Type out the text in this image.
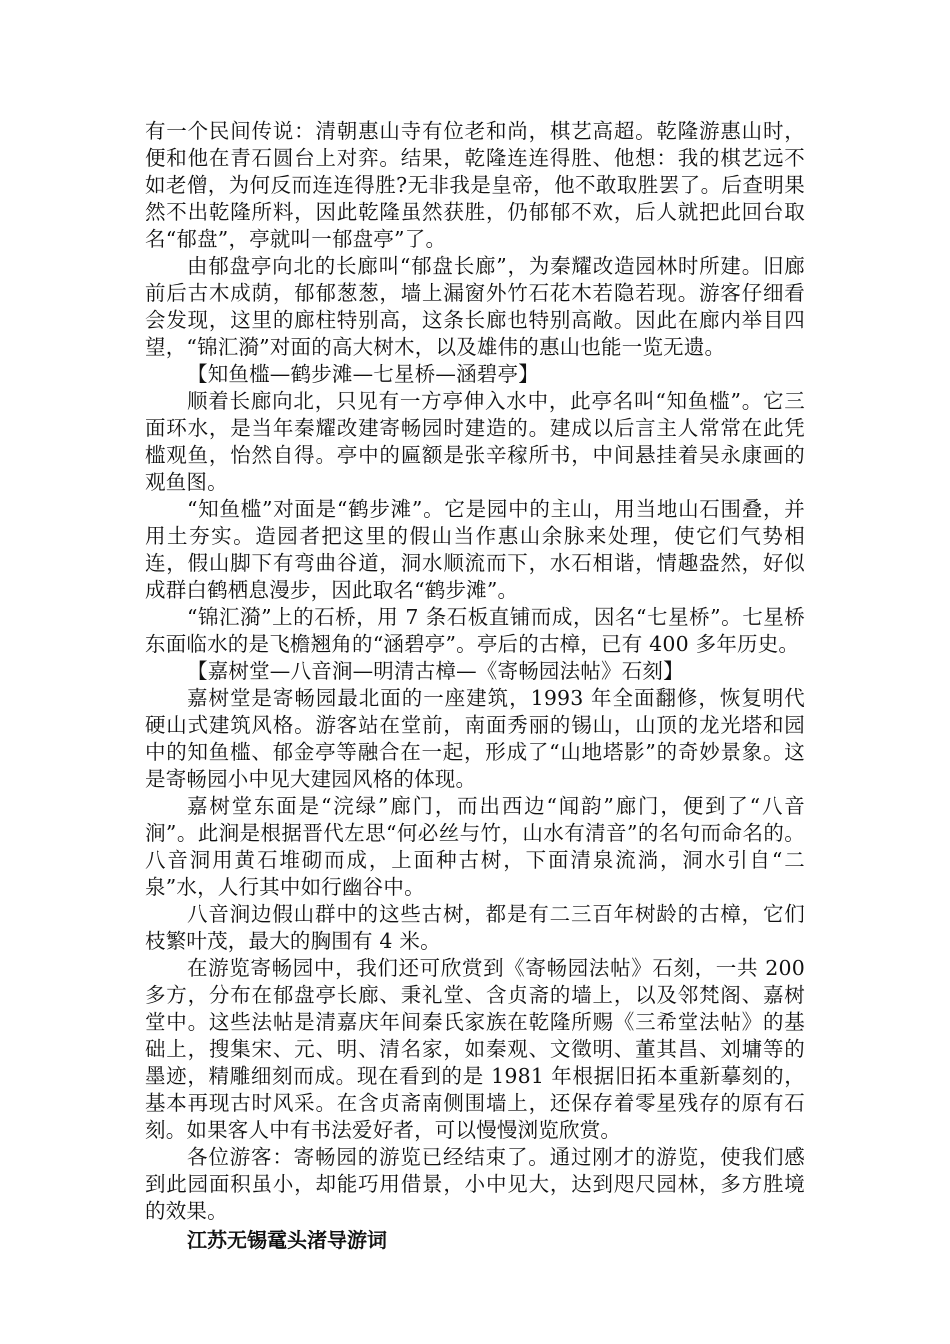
有一个民间传说：清朝惠山寺有位老和尚，棋艺高超。乾隆游惠山时，便和他在青石圆台上对弈。结果，乾隆连连得胜、他想：我的棋艺远不如老僧，为何反而连连得胜?无非我是皇帝，他不敢取胜罢了。后查明果然不出乾隆所料，因此乾隆虽然获胜，仍郁郁不欢，后人就把此回台取名“郁盘”，亭就叫一郁盘亭”了。

由郁盘亭向北的长廊叫“郁盘长廊”，为秦耀改造园林时所建。旧廊前后古木成荫，郁郁葱葱，墙上漏窗外竹石花木若隐若现。游客仔细看会发现，这里的廊柱特别高，这条长廊也特别高敞。因此在廊内举目四望，“锦汇漪”对面的高大树木，以及雄伟的惠山也能一览无遗。

【知鱼槛—鹤步滩—七星桥—涵碧亭】

顺着长廊向北，只见有一方亭伸入水中，此亭名叫“知鱼槛”。它三面环水，是当年秦耀改建寄畅园时建造的。建成以后言主人常常在此凭槛观鱼，怡然自得。亭中的匾额是张辛稼所书，中间悬挂着吴永康画的观鱼图。

“知鱼槛”对面是“鹤步滩”。它是园中的主山，用当地山石围叠，并用土夯实。造园者把这里的假山当作惠山余脉来处理，使它们气势相连，假山脚下有弯曲谷道，洞水顺流而下，水石相谐，情趣盎然，好似成群白鹤栖息漫步，因此取名“鹤步滩”。

“锦汇漪”上的石桥，用 7 条石板直铺而成，因名“七星桥”。七星桥东面临水的是飞檐翘角的“涵碧亭”。亭后的古樟，已有 400 多年历史。

【嘉树堂—八音涧—明清古樟—《寄畅园法帖》石刻】

嘉树堂是寄畅园最北面的一座建筑，1993 年全面翻修，恢复明代硬山式建筑风格。游客站在堂前，南面秀丽的锡山，山顶的龙光塔和园中的知鱼槛、郁金亭等融合在一起，形成了“山地塔影”的奇妙景象。这是寄畅园小中见大建园风格的体现。

嘉树堂东面是“浣绿”廊门，而出西边“闻韵”廊门，便到了“八音涧”。此涧是根据晋代左思“何必丝与竹，山水有清音”的名句而命名的。八音洞用黄石堆砌而成，上面种古树，下面清泉流淌，洞水引自“二泉”水，人行其中如行幽谷中。

八音涧边假山群中的这些古树，都是有二三百年树龄的古樟，它们枝繁叶茂，最大的胸围有 4 米。

在游览寄畅园中，我们还可欣赏到《寄畅园法帖》石刻，一共 200 多方，分布在郁盘亭长廊、秉礼堂、含贞斋的墙上，以及邻梵阁、嘉树堂中。这些法帖是清嘉庆年间秦氏家族在乾隆所赐《三希堂法帖》的基础上，搜集宋、元、明、清名家，如秦观、文徵明、董其昌、刘墉等的墨迹，精雕细刻而成。现在看到的是 1981 年根据旧拓本重新摹刻的，基本再现古时风采。在含贞斋南侧围墙上，还保存着零星残存的原有石刻。如果客人中有书法爱好者，可以慢慢浏览欣赏。

各位游客：寄畅园的游览已经结束了。通过刚才的游览，使我们感到此园面积虽小，却能巧用借景，小中见大，达到咫尺园林，多方胜境的效果。

江苏无锡鼋头渚导游词
